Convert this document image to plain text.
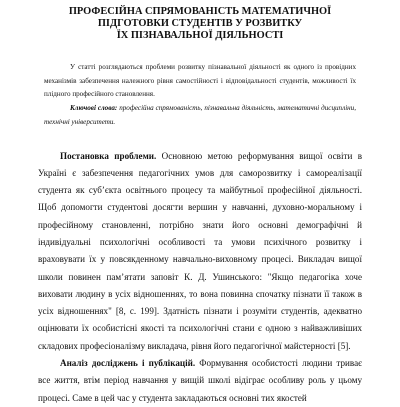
ПРОФЕСІЙНА СПРЯМОВАНІСТЬ МАТЕМАТИЧНОЇ
ПІДГОТОВКИ СТУДЕНТІВ У РОЗВИТКУ
ЇХ ПІЗНАВАЛЬНОЇ ДІЯЛЬНОСТІ

У статті розглядаються проблеми розвитку пізнавальної діяльності як одного із провідних механізмів забезпечення належного рівня самостійності і відповідальності студентів, можливості їх плідного професійного становлення.

Ключові слова: професійна спрямованість, пізнавальна діяльність, математичні дисципліни, технічні університети.

Постановка проблеми. Основною метою реформування вищої освіти в Україні є забезпечення педагогічних умов для саморозвитку і самореалізації студента як суб’єкта освітнього процесу та майбутньої професійної діяльності. Щоб допомогти студентові досягти вершин у навчанні, духовно-моральному і професійному становленні, потрібно знати його основні демографічні й індивідуальні психологічні особливості та умови психічного розвитку і враховувати їх у повсякденному навчально-виховному процесі. Викладач вищої школи повинен пам’ятати заповіт К. Д. Ушинського: "Якщо педагогіка хоче виховати людину в усіх відношеннях, то вона повинна спочатку пізнати її також в усіх відношеннях" [8, с. 199]. Здатність пізнати і розуміти студентів, адекватно оцінювати їх особистісні якості та психологічні стани є одною з найважливіших складових професіоналізму викладача, рівня його педагогічної майстерності [5].

Аналіз досліджень і публікацій. Формування особистості людини триває все життя, втім період навчання у вищій школі відіграє особливу роль у цьому процесі. Саме в цей час у студента закладаються основні тих якостей
